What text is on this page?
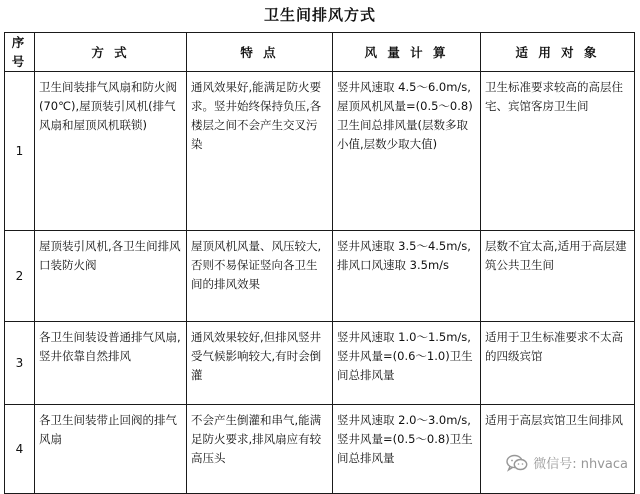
卫生间排风方式
序号	方 式	特 点	风 量 计 算	适 用 对 象
1	卫生间装排气风扇和防火阀(70℃),屋顶装引风机(排气风扇和屋顶风机联锁)	通风效果好,能满足防火要求。竖井始终保持负压,各楼层之间不会产生交叉污染	竖井风速取 4.5～6.0m/s,屋顶风机风量=(0.5～0.8)卫生间总排风量(层数多取小值,层数少取大值)	卫生标准要求较高的高层住宅、宾馆客房卫生间
2	屋顶装引风机,各卫生间排风口装防火阀	屋顶风机风量、风压较大,否则不易保证竖向各卫生间的排风效果	竖井风速取 3.5～4.5m/s,排风口风速取 3.5m/s	层数不宜太高,适用于高层建筑公共卫生间
3	各卫生间装设普通排气风扇,竖井依靠自然排风	通风效果较好,但排风竖井受气候影响较大,有时会倒灌	竖井风速取 1.0～1.5m/s,竖井风量=(0.6～1.0)卫生间总排风量	适用于卫生标准要求不太高的四级宾馆
4	各卫生间装带止回阀的排气风扇	不会产生倒灌和串气,能满足防火要求,排风扇应有较高压头	竖井风速取 2.0～3.0m/s,竖井风量=(0.5～0.8)卫生间总排风量	适用于高层宾馆卫生间排风
微信号: nhvaca
